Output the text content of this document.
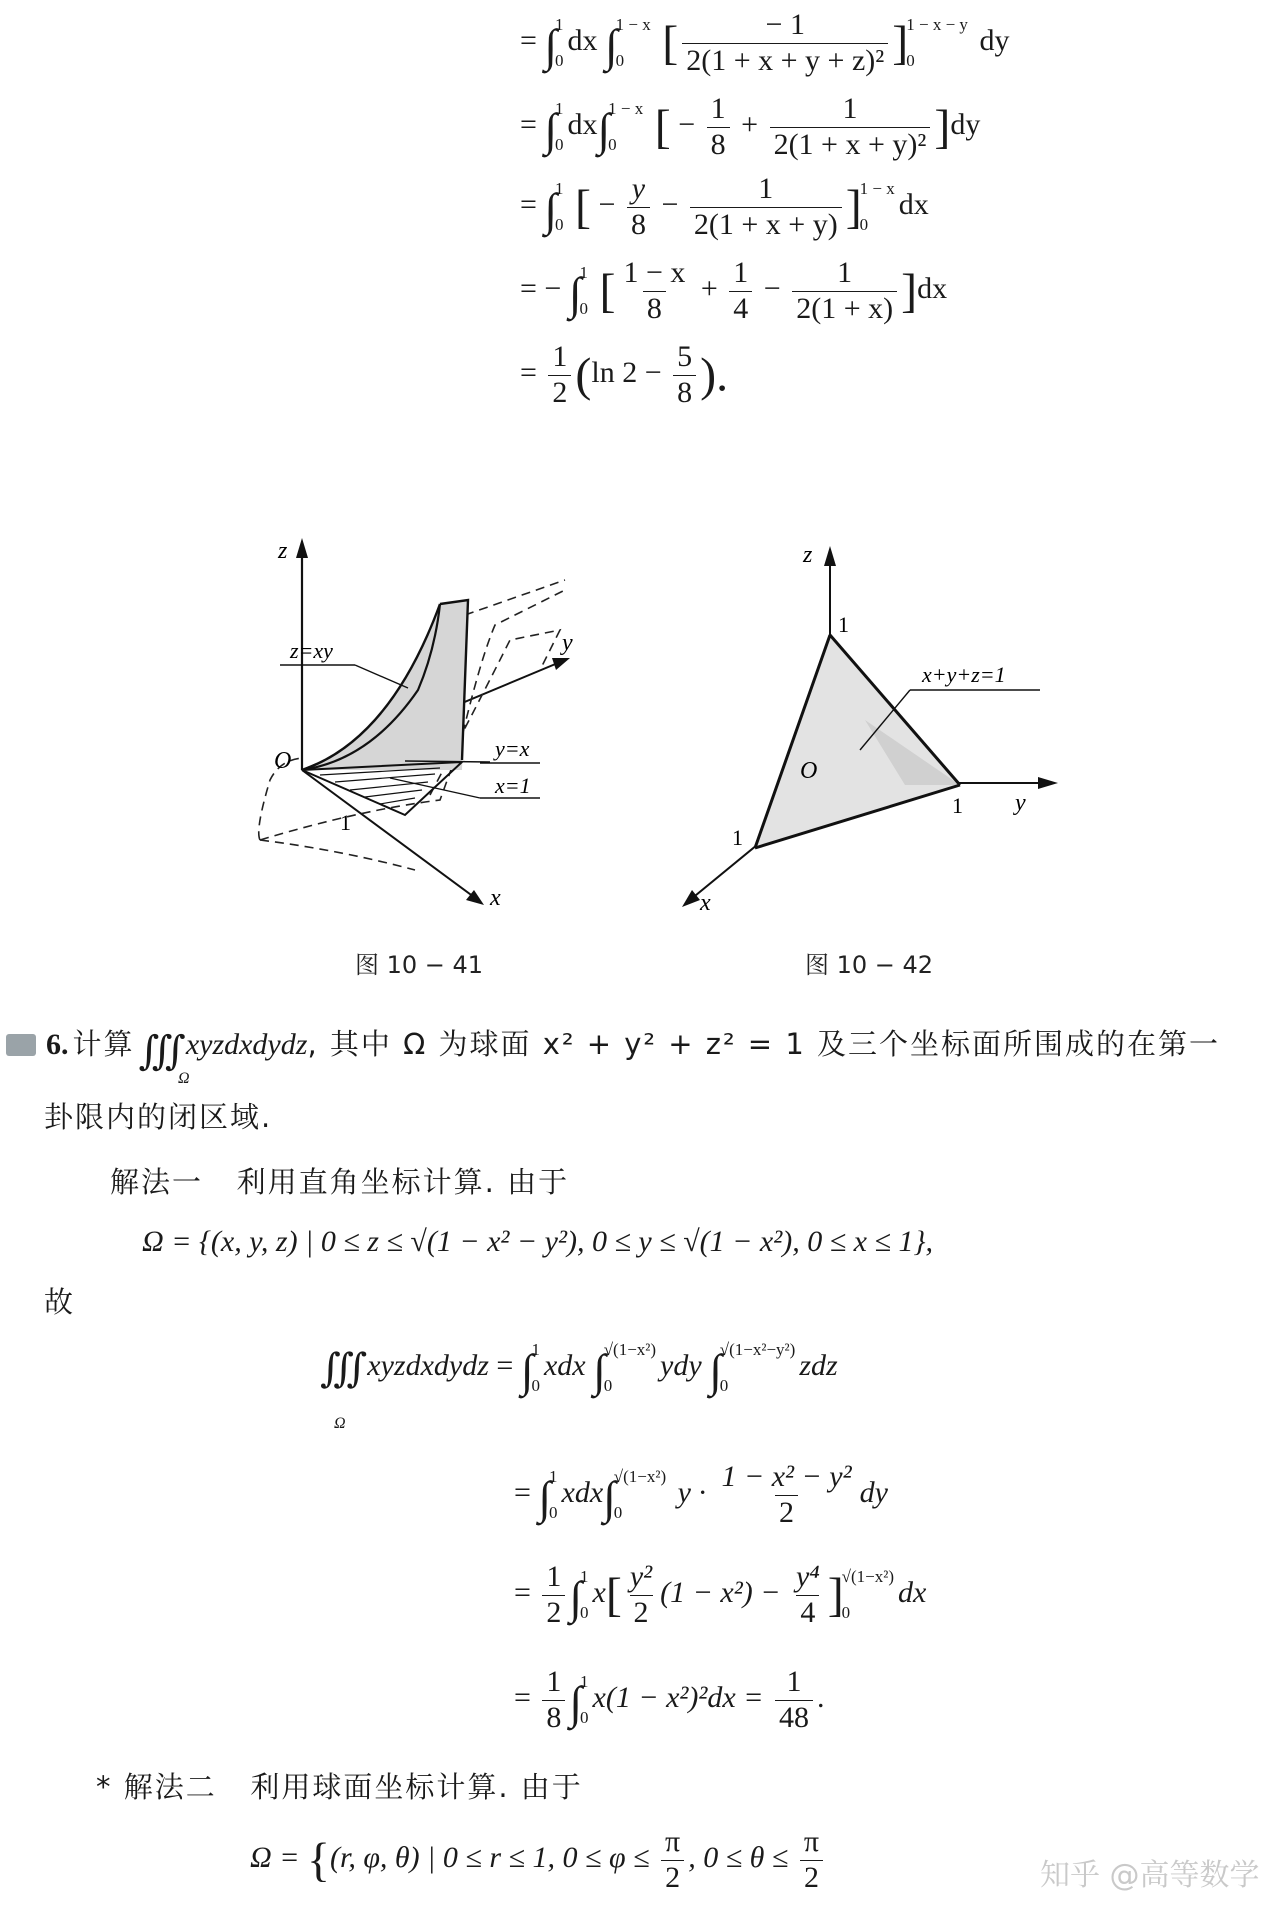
= ∫
1
0
dx ∫
1 − x
0 [ $\frac{- 1}{\text{2(1 + x + y + z)²}}$ ]
1 − x − y
0
dy
= ∫
1
0
dx∫
1 − x
0 [ − $\frac{1}{8} + \frac{1}{\text{2(1 + x + y)²}} ]dy$
= ∫
1
0 [ − $\frac{y}{8} - \frac{1}{2(1 + x + y)}$ ]
1 − x
0
dx
= − ∫
1
0 [ $\frac{1 - x}{8} + \frac{1}{4} - \frac{1}{2(1 + x)} ]dx$
= $\frac{1}{2} (\ln$ $2 - \frac{5}{8}$ ).
z
y
x
O
1
z=xy
y=x
x=1
图 10 − 41
z
y
x
O
1
1
1
x+y+z=1
图 10 − 42
6. 计算 ∭xyzdxdydz, 其中 Ω 为球面 x² + y² + z² = 1 及三个坐标面所围成的在第一
Ω
卦限内的闭区域.
解法一 利用直角坐标计算. 由于
Ω = {(x, y, z) | 0 ≤ z ≤ √(1 − x² − y²), 0 ≤ y ≤ √(1 − x²), 0 ≤ x ≤ 1},
故
∭xyzdxdydz = ∫
1
0
xdx ∫
√(1−x²)
0
ydy ∫
√(1−x²−y²)
0
zdz
Ω
= ∫
1
0
xdx∫
√(1−x²)
0
$y \cdot \frac{\text{1 − x² − y²}}{2}$ dy
= $\frac{1}{2}$ ∫
1
0
$x[ \frac{\text{y²}}{2} (1 - x^2) - \frac{\text{y⁴}}{4}$ ]
√(1−x²)
0
dx
= $\frac{1}{8}$ ∫
1
0
$x(1 - x^2)^2dx = \frac{1}{48}$ .
* 解法二 利用球面坐标计算. 由于
Ω = {(r, φ, θ) | 0 ≤ r ≤ 1, $0 \le \varphi \le \frac{\pi}{2}$ , $0 \le \theta \le \frac{\pi}{2}$	知乎 @高等数学
